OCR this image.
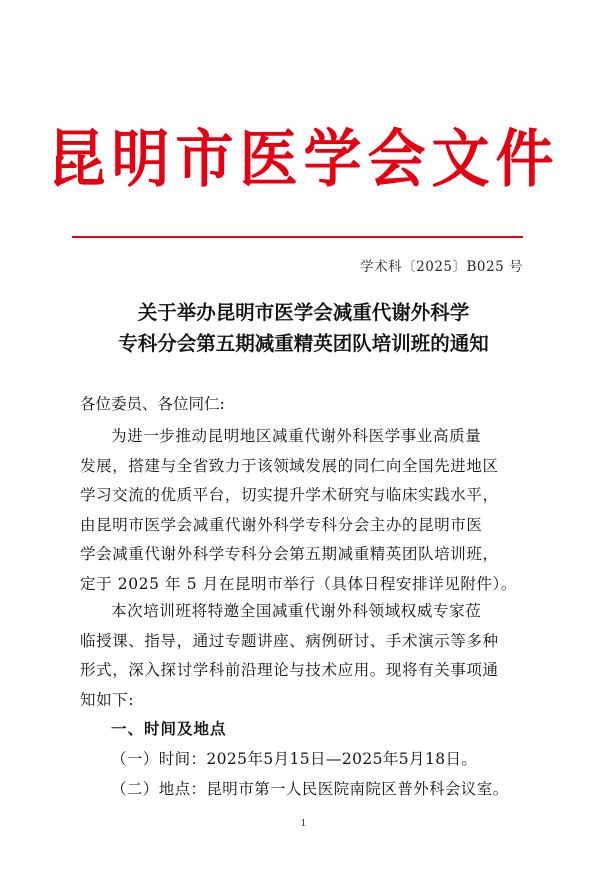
昆明市医学会文件
学术科〔2025〕B025 号
关于举办昆明市医学会减重代谢外科学
专科分会第五期减重精英团队培训班的通知
各位委员、各位同仁:
为进一步推动昆明地区减重代谢外科医学事业高质量
发展，搭建与全省致力于该领域发展的同仁向全国先进地区
学习交流的优质平台，切实提升学术研究与临床实践水平，
由昆明市医学会减重代谢外科学专科分会主办的昆明市医
学会减重代谢外科学专科分会第五期减重精英团队培训班，
定于 2025 年 5 月在昆明市举行（具体日程安排详见附件）。
本次培训班将特邀全国减重代谢外科领域权威专家莅
临授课、指导，通过专题讲座、病例研讨、手术演示等多种
形式，深入探讨学科前沿理论与技术应用。现将有关事项通
知如下:
一、时间及地点
（一）时间：2025年5月15日—2025年5月18日。
（二）地点：昆明市第一人民医院南院区普外科会议室。
1
